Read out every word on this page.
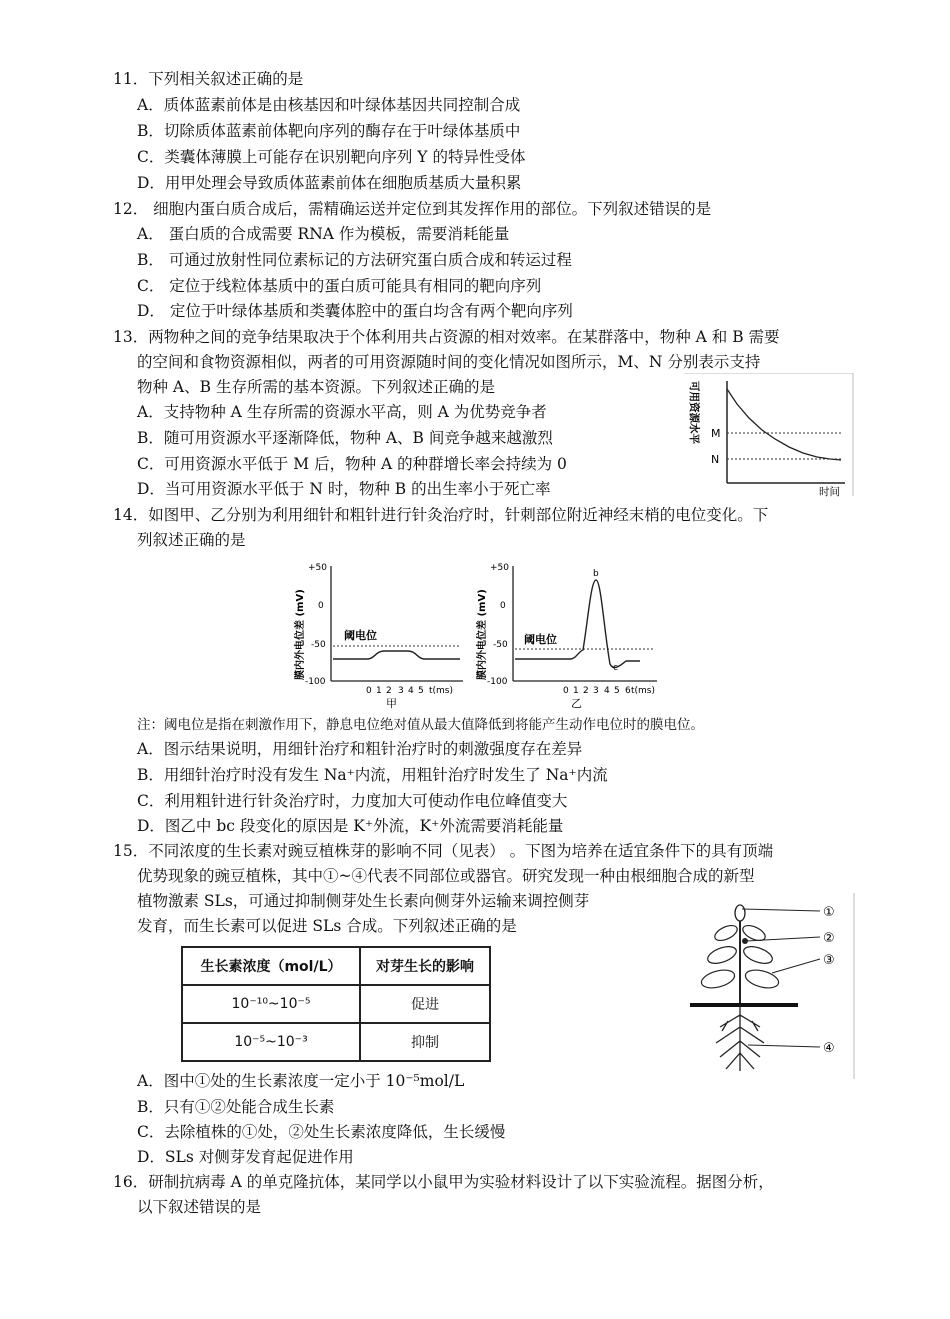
11．下列相关叙述正确的是
A．质体蓝素前体是由核基因和叶绿体基因共同控制合成
B．切除质体蓝素前体靶向序列的酶存在于叶绿体基质中
C．类囊体薄膜上可能存在识别靶向序列 Y 的特异性受体
D．用甲处理会导致质体蓝素前体在细胞质基质大量积累
12． 细胞内蛋白质合成后，需精确运送并定位到其发挥作用的部位。下列叙述错误的是
A． 蛋白质的合成需要 RNA 作为模板，需要消耗能量
B． 可通过放射性同位素标记的方法研究蛋白质合成和转运过程
C． 定位于线粒体基质中的蛋白质可能具有相同的靶向序列
D． 定位于叶绿体基质和类囊体腔中的蛋白均含有两个靶向序列
13．两物种之间的竞争结果取决于个体利用共占资源的相对效率。在某群落中，物种 A 和 B 需要
的空间和食物资源相似，两者的可用资源随时间的变化情况如图所示，M、N 分别表示支持
物种 A、B 生存所需的基本资源。下列叙述正确的是
A．支持物种 A 生存所需的资源水平高，则 A 为优势竞争者
B．随可用资源水平逐渐降低，物种 A、B 间竞争越来越激烈
C．可用资源水平低于 M 后，物种 A 的种群增长率会持续为 0
D．当可用资源水平低于 N 时，物种 B 的出生率小于死亡率
可用资源水平 M
N
时间
14．如图甲、乙分别为利用细针和粗针进行针灸治疗时，针刺部位附近神经末梢的电位变化。下
列叙述正确的是
膜内外电位差 (mV)
+50
0
-50
-100
阈电位
0 1 2 3 4 5 t(ms)
甲
膜内外电位差 (mV)
+50
0
-50
-100
阈电位
b
c
0 1 2 3 4 5 6 t(ms)
乙
注：阈电位是指在刺激作用下，静息电位绝对值从最大值降低到将能产生动作电位时的膜电位。
A．图示结果说明，用细针治疗和粗针治疗时的刺激强度存在差异
B．用细针治疗时没有发生 Na⁺内流，用粗针治疗时发生了 Na⁺内流
C．利用粗针进行针灸治疗时，力度加大可使动作电位峰值变大
D．图乙中 bc 段变化的原因是 K⁺外流，K⁺外流需要消耗能量
15．不同浓度的生长素对豌豆植株芽的影响不同（见表） 。下图为培养在适宜条件下的具有顶端
优势现象的豌豆植株，其中①~④代表不同部位或器官。研究发现一种由根细胞合成的新型
植物激素 SLs，可通过抑制侧芽处生长素向侧芽外运输来调控侧芽
发育，而生长素可以促进 SLs 合成。下列叙述正确的是
生长素浓度（mol/L）	对芽生长的影响
10⁻¹⁰~10⁻⁵	促进
10⁻⁵~10⁻³	抑制
①
②
③
④
A．图中①处的生长素浓度一定小于 10⁻⁵mol/L
B．只有①②处能合成生长素
C．去除植株的①处，②处生长素浓度降低，生长缓慢
D．SLs 对侧芽发育起促进作用
16．研制抗病毒 A 的单克隆抗体，某同学以小鼠甲为实验材料设计了以下实验流程。据图分析，
以下叙述错误的是
